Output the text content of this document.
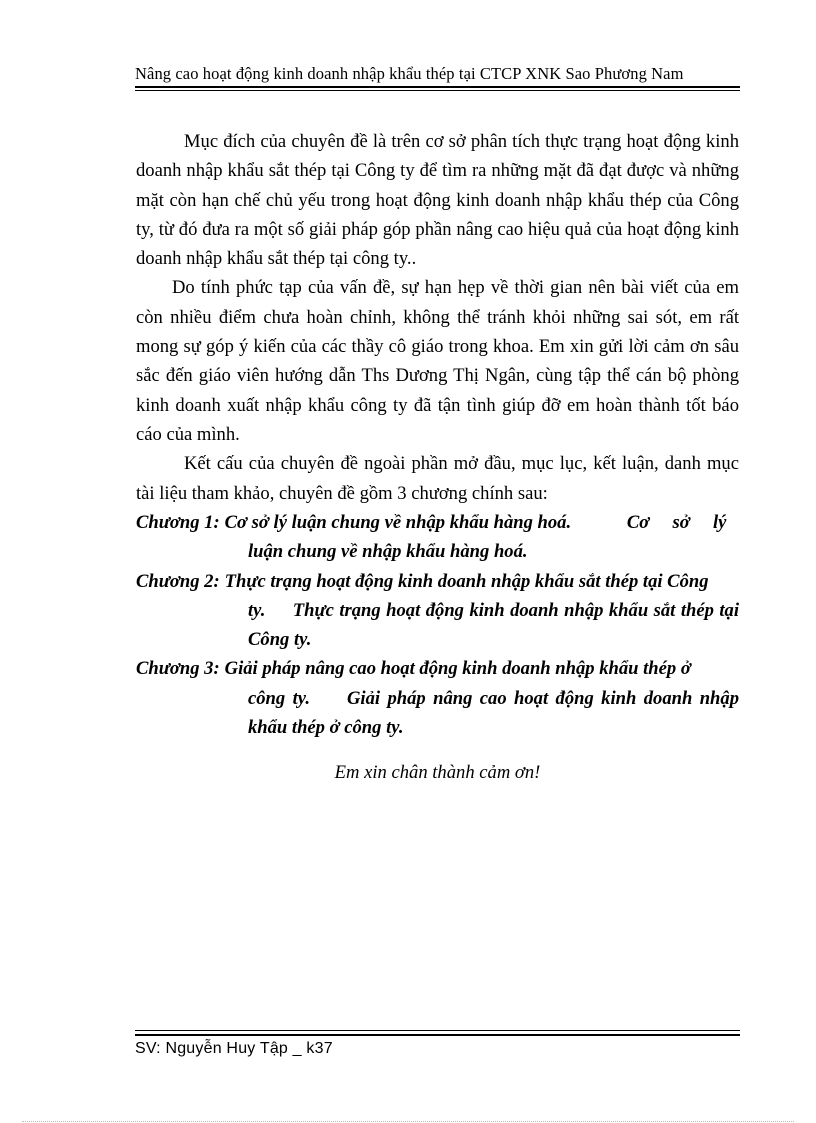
Nâng cao hoạt động kinh doanh nhập khẩu thép tại CTCP XNK Sao Phương Nam

Mục đích của chuyên đề là trên cơ sở phân tích thực trạng hoạt động kinh doanh nhập khẩu sắt thép tại Công ty để tìm ra những mặt đã đạt được và những mặt còn hạn chế chủ yếu trong hoạt động kinh doanh nhập khẩu thép của Công ty, từ đó đưa ra một số giải pháp góp phần nâng cao hiệu quả của hoạt động kinh doanh nhập khẩu sắt thép tại công ty..

Do tính phức tạp của vấn đề, sự hạn hẹp về thời gian nên bài viết của em còn nhiều điểm chưa hoàn chỉnh, không thể tránh khỏi những sai sót, em rất mong sự góp ý kiến của các thầy cô giáo trong khoa. Em xin gửi lời cảm ơn sâu sắc đến giáo viên hướng dẫn Ths Dương Thị Ngân, cùng tập thể cán bộ phòng kinh doanh xuất nhập khẩu công ty đã tận tình giúp đỡ em hoàn thành tốt báo cáo của mình.

Kết cấu của chuyên đề ngoài phần mở đầu, mục lục, kết luận, danh mục tài liệu tham khảo, chuyên đề gồm 3 chương chính sau:

Chương 1: Cơ sở lý luận chung về nhập khẩu hàng hoá.            Cơ     sở     lý
luận chung về nhập khẩu hàng hoá.
Chương 2: Thực trạng hoạt động kinh doanh nhập khẩu sắt thép tại Công
ty.     Thực trạng hoạt động kinh doanh nhập khẩu sắt thép tại Công ty.
Chương 3: Giải pháp nâng cao hoạt động kinh doanh nhập khẩu thép ở
công ty.     Giải pháp nâng cao hoạt động kinh doanh nhập khẩu thép ở công ty.
Em xin chân thành cảm ơn!
SV: Nguyễn Huy Tập _ k37
